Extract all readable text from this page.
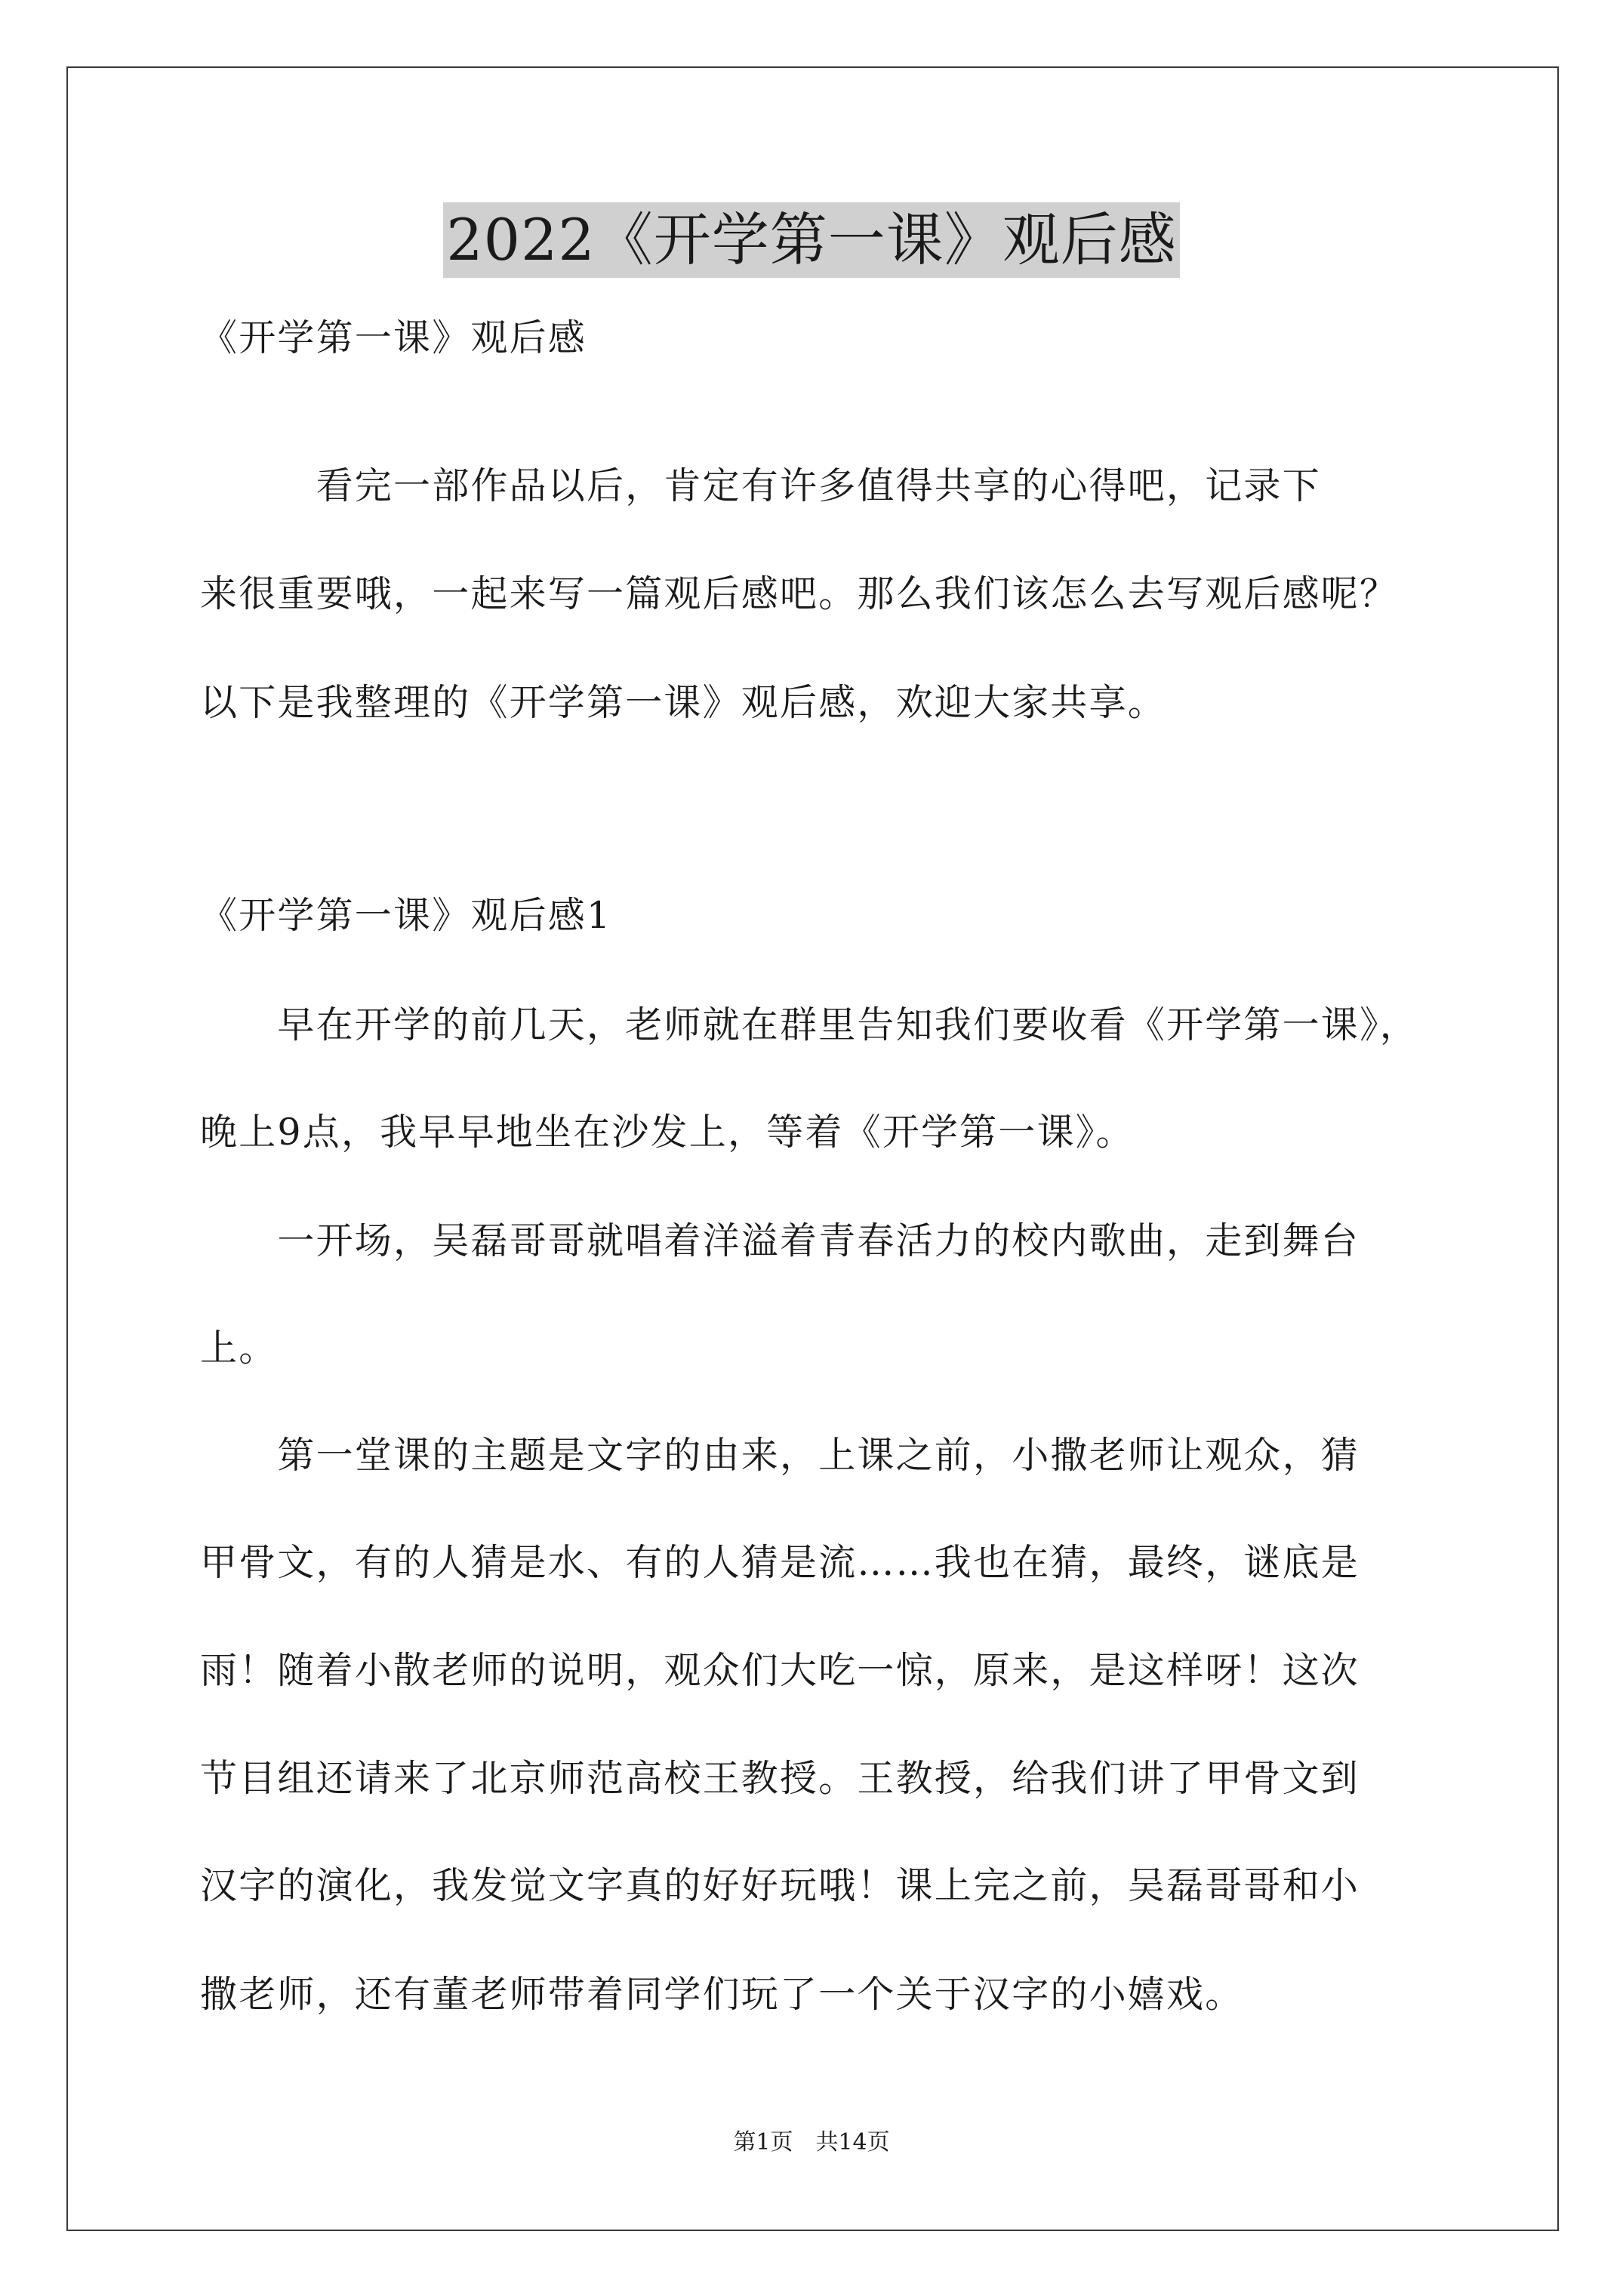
2022《开学第一课》观后感
《开学第一课》观后感
　　　看完一部作品以后，肯定有许多值得共享的心得吧，记录下
来很重要哦，一起来写一篇观后感吧。那么我们该怎么去写观后感呢？
以下是我整理的《开学第一课》观后感，欢迎大家共享。
《开学第一课》观后感1
　　早在开学的前几天，老师就在群里告知我们要收看《开学第一课》，
晚上9点，我早早地坐在沙发上，等着《开学第一课》。
　　一开场，吴磊哥哥就唱着洋溢着青春活力的校内歌曲，走到舞台
上。
　　第一堂课的主题是文字的由来，上课之前，小撒老师让观众，猜
甲骨文，有的人猜是水、有的人猜是流……我也在猜，最终，谜底是
雨！随着小散老师的说明，观众们大吃一惊，原来，是这样呀！这次
节目组还请来了北京师范高校王教授。王教授，给我们讲了甲骨文到
汉字的演化，我发觉文字真的好好玩哦！课上完之前，吴磊哥哥和小
撒老师，还有董老师带着同学们玩了一个关于汉字的小嬉戏。
第1页　共14页
